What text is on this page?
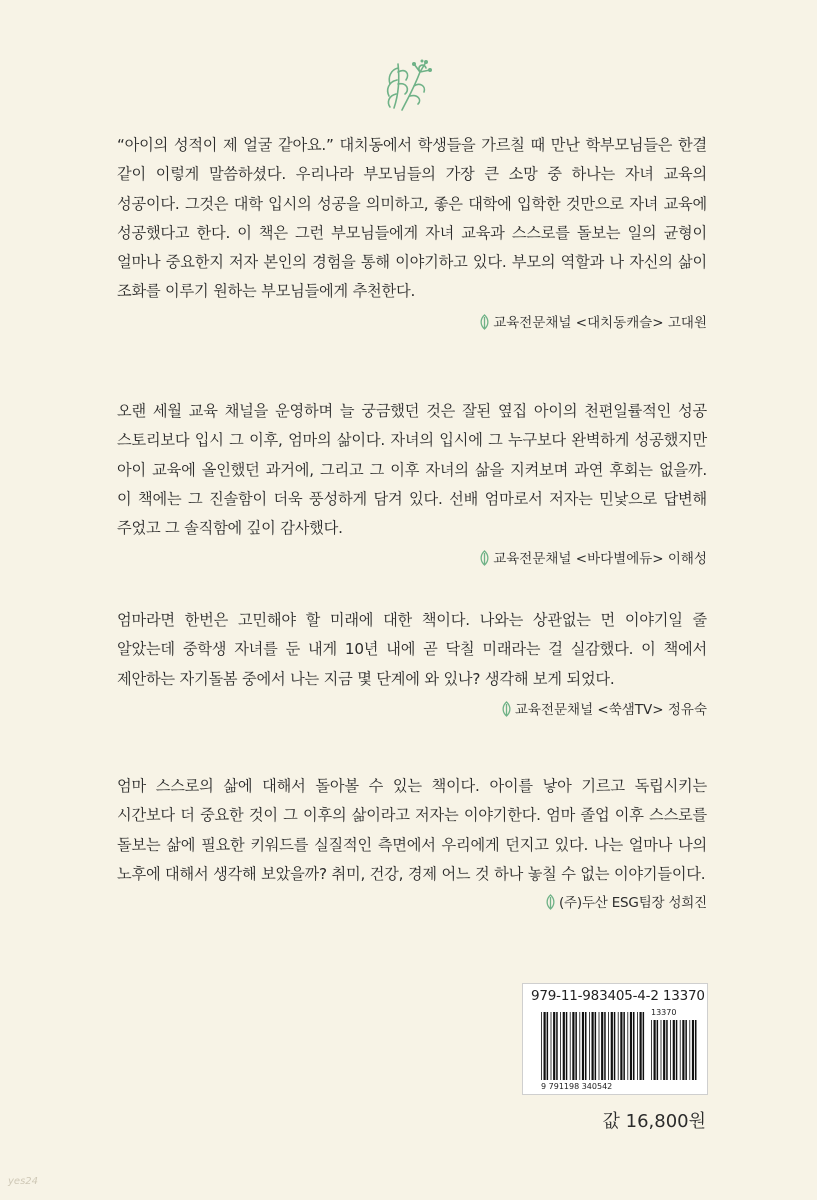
“아이의 성적이 제 얼굴 같아요.” 대치동에서 학생들을 가르칠 때 만난 학부모님들은 한결 같이 이렇게 말씀하셨다. 우리나라 부모님들의 가장 큰 소망 중 하나는 자녀 교육의 성공이다. 그것은 대학 입시의 성공을 의미하고, 좋은 대학에 입학한 것만으로 자녀 교육에 성공했다고 한다. 이 책은 그런 부모님들에게 자녀 교육과 스스로를 돌보는 일의 균형이 얼마나 중요한지 저자 본인의 경험을 통해 이야기하고 있다. 부모의 역할과 나 자신의 삶이 조화를 이루기 원하는 부모님들에게 추천한다.

교육전문채널 <대치동캐슬> 고대원

오랜 세월 교육 채널을 운영하며 늘 궁금했던 것은 잘된 옆집 아이의 천편일률적인 성공 스토리보다 입시 그 이후, 엄마의 삶이다. 자녀의 입시에 그 누구보다 완벽하게 성공했지만 아이 교육에 올인했던 과거에, 그리고 그 이후 자녀의 삶을 지켜보며 과연 후회는 없을까. 이 책에는 그 진솔함이 더욱 풍성하게 담겨 있다. 선배 엄마로서 저자는 민낯으로 답변해 주었고 그 솔직함에 깊이 감사했다.

교육전문채널 <바다별에듀> 이해성

엄마라면 한번은 고민해야 할 미래에 대한 책이다. 나와는 상관없는 먼 이야기일 줄 알았는데 중학생 자녀를 둔 내게 10년 내에 곧 닥칠 미래라는 걸 실감했다. 이 책에서 제안하는 자기돌봄 중에서 나는 지금 몇 단계에 와 있나? 생각해 보게 되었다.

교육전문채널 <쑥샘TV> 정유숙

엄마 스스로의 삶에 대해서 돌아볼 수 있는 책이다. 아이를 낳아 기르고 독립시키는 시간보다 더 중요한 것이 그 이후의 삶이라고 저자는 이야기한다. 엄마 졸업 이후 스스로를 돌보는 삶에 필요한 키워드를 실질적인 측면에서 우리에게 던지고 있다. 나는 얼마나 나의 노후에 대해서 생각해 보았을까? 취미, 건강, 경제 어느 것 하나 놓칠 수 없는 이야기들이다.
(주)두산 ESG팀장 성희진

979-11-983405-4-2 13370
9 791198 340542
13370
값 16,800원
yes24
